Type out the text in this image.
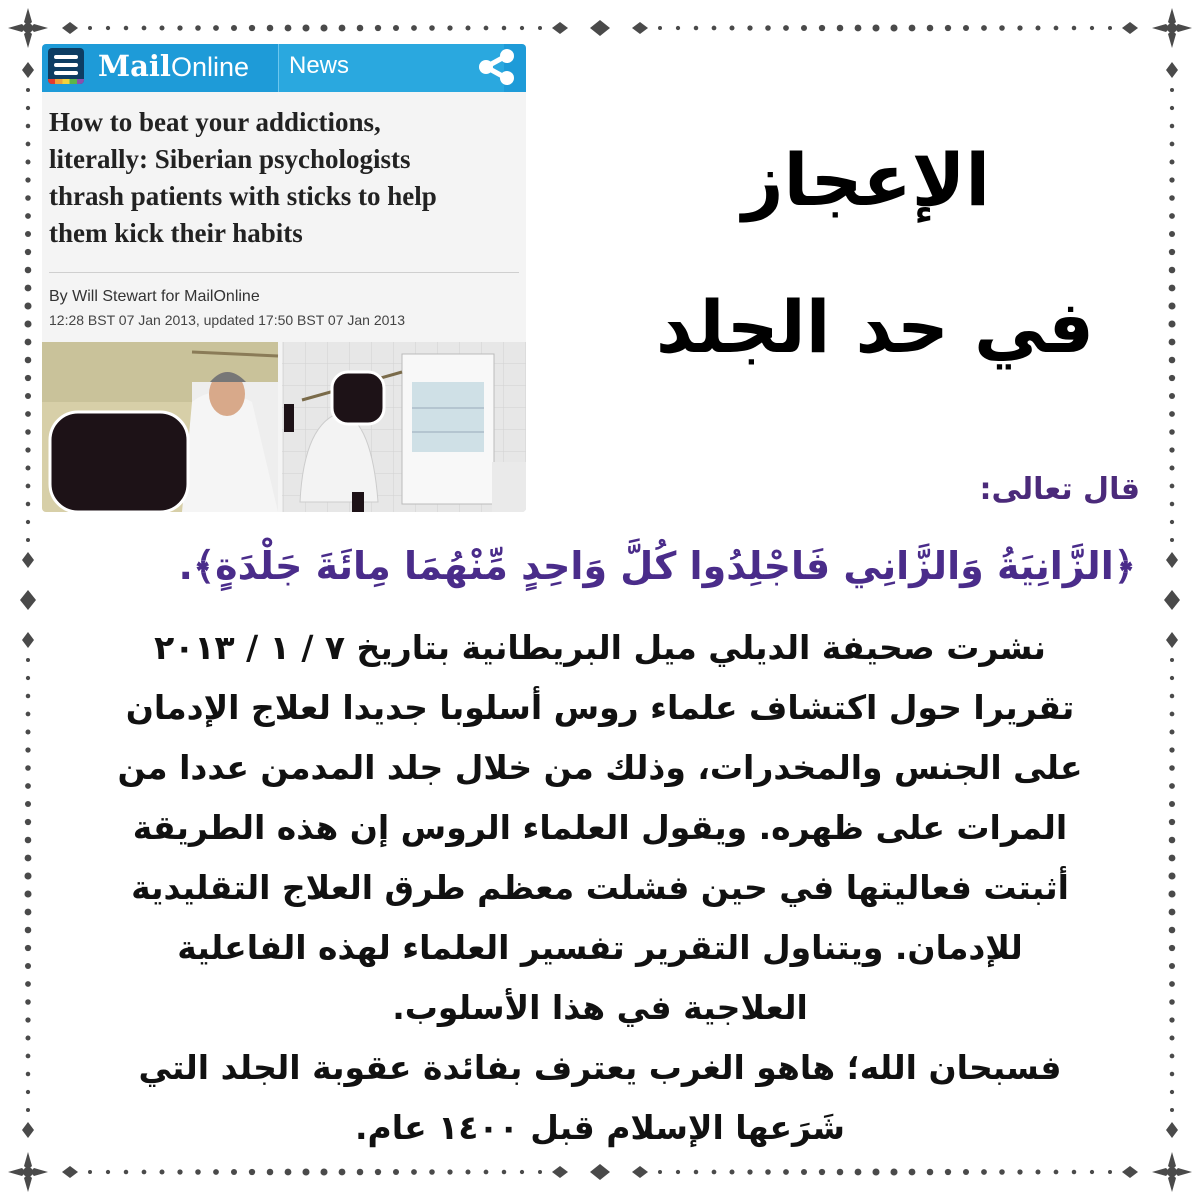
MailOnline	News
How to beat your addictions,
literally: Siberian psychologists
thrash patients with sticks to help
them kick their habits
By Will Stewart for MailOnline
12:28 BST 07 Jan 2013, updated 17:50 BST 07 Jan 2013
الإعجاز
في حد الجلد
قال تعالى:
﴿الزَّانِيَةُ وَالزَّانِي فَاجْلِدُوا كُلَّ وَاحِدٍ مِّنْهُمَا مِائَةَ جَلْدَةٍ﴾.
نشرت صحيفة الديلي ميل البريطانية بتاريخ ٧ / ١ / ٢٠١٣
تقريرا حول اكتشاف علماء روس أسلوبا جديدا لعلاج الإدمان
على الجنس والمخدرات، وذلك من خلال جلد المدمن عددا من
المرات على ظهره. ويقول العلماء الروس إن هذه الطريقة
أثبتت فعاليتها في حين فشلت معظم طرق العلاج التقليدية
للإدمان. ويتناول التقرير تفسير العلماء لهذه الفاعلية
العلاجية في هذا الأسلوب.
فسبحان الله؛ هاهو الغرب يعترف بفائدة عقوبة الجلد التي
شَرَعها الإسلام قبل ١٤٠٠ عام.
